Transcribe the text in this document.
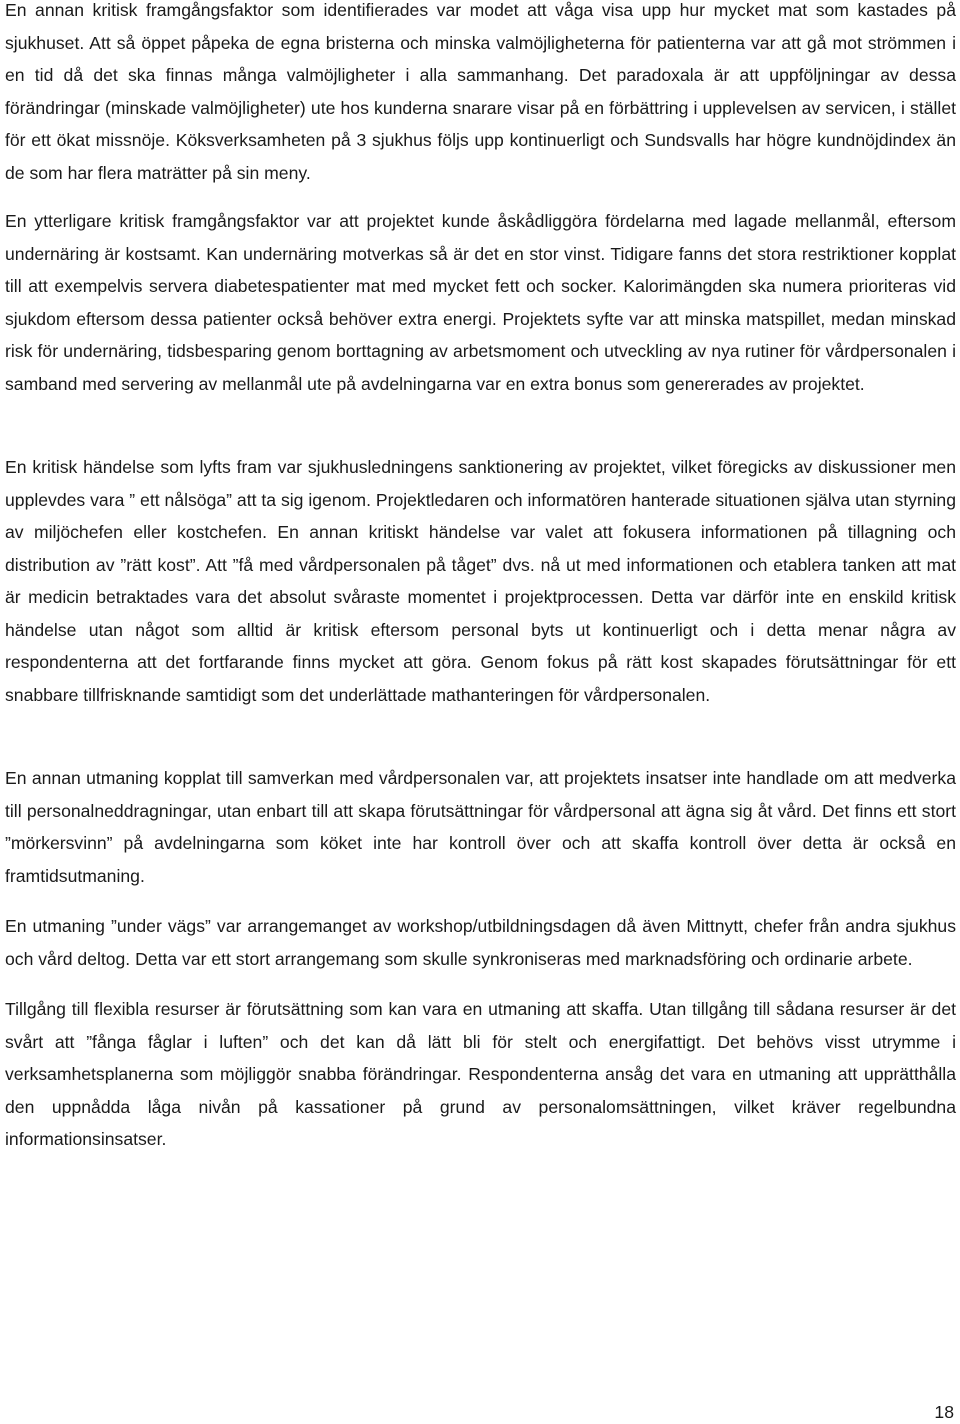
En annan kritisk framgångsfaktor som identifierades var modet att våga visa upp hur mycket mat som kastades på sjukhuset. Att så öppet påpeka de egna bristerna och minska valmöjligheterna för patienterna var att gå mot strömmen i en tid då det ska finnas många valmöjligheter i alla sammanhang. Det paradoxala är att uppföljningar av dessa förändringar (minskade valmöjligheter) ute hos kunderna snarare visar på en förbättring i upplevelsen av servicen, i stället för ett ökat missnöje. Köksverksamheten på 3 sjukhus följs upp kontinuerligt och Sundsvalls har högre kundnöjdindex än de som har flera maträtter på sin meny.

En ytterligare kritisk framgångsfaktor var att projektet kunde åskådliggöra fördelarna med lagade mellanmål, eftersom undernäring är kostsamt. Kan undernäring motverkas så är det en stor vinst. Tidigare fanns det stora restriktioner kopplat till att exempelvis servera diabetespatienter mat med mycket fett och socker. Kalorimängden ska numera prioriteras vid sjukdom eftersom dessa patienter också behöver extra energi. Projektets syfte var att minska matspillet, medan minskad risk för undernäring, tidsbesparing genom borttagning av arbetsmoment och utveckling av nya rutiner för vårdpersonalen i samband med servering av mellanmål ute på avdelningarna var en extra bonus som genererades av projektet.

En kritisk händelse som lyfts fram var sjukhusledningens sanktionering av projektet, vilket föregicks av diskussioner men upplevdes vara ” ett nålsöga” att ta sig igenom. Projektledaren och informatören hanterade situationen själva utan styrning av miljöchefen eller kostchefen. En annan kritiskt händelse var valet att fokusera informationen på tillagning och distribution av ”rätt kost”. Att ”få med vårdpersonalen på tåget” dvs. nå ut med informationen och etablera tanken att mat är medicin betraktades vara det absolut svåraste momentet i projektprocessen. Detta var därför inte en enskild kritisk händelse utan något som alltid är kritisk eftersom personal byts ut kontinuerligt och i detta menar några av respondenterna att det fortfarande finns mycket att göra. Genom fokus på rätt kost skapades förutsättningar för ett snabbare tillfrisknande samtidigt som det underlättade mathanteringen för vårdpersonalen.

En annan utmaning kopplat till samverkan med vårdpersonalen var, att projektets insatser inte handlade om att medverka till personalneddragningar, utan enbart till att skapa förutsättningar för vårdpersonal att ägna sig åt vård. Det finns ett stort ”mörkersvinn” på avdelningarna som köket inte har kontroll över och att skaffa kontroll över detta är också en framtidsutmaning.

En utmaning ”under vägs” var arrangemanget av workshop/utbildningsdagen då även Mittnytt, chefer från andra sjukhus och vård deltog. Detta var ett stort arrangemang som skulle synkroniseras med marknadsföring och ordinarie arbete.

Tillgång till flexibla resurser är förutsättning som kan vara en utmaning att skaffa. Utan tillgång till sådana resurser är det svårt att ”fånga fåglar i luften” och det kan då lätt bli för stelt och energifattigt. Det behövs visst utrymme i verksamhetsplanerna som möjliggör snabba förändringar. Respondenterna ansåg det vara en utmaning att upprätthålla den uppnådda låga nivån på kassationer på grund av personalomsättningen, vilket kräver regelbundna informationsinsatser.

18
